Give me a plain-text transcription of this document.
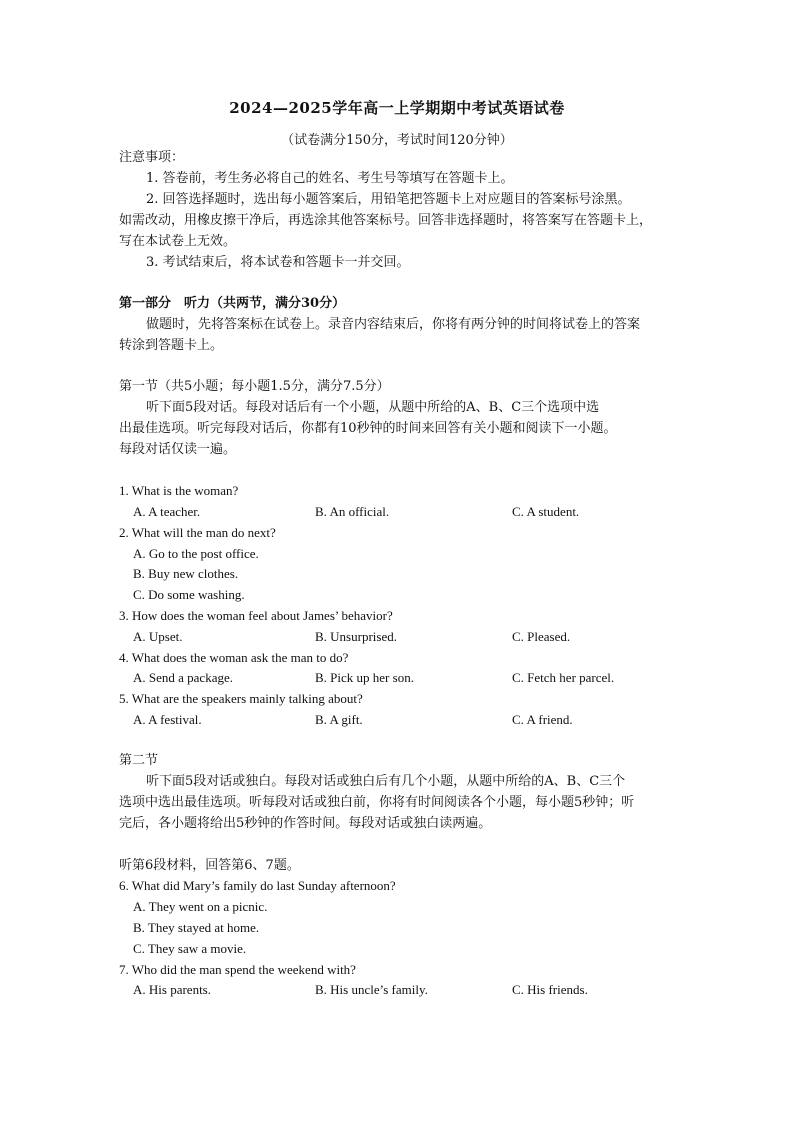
2024—2025学年高一上学期期中考试英语试卷
（试卷满分150分，考试时间120分钟）
注意事项：
1. 答卷前，考生务必将自己的姓名、考生号等填写在答题卡上。
2. 回答选择题时，选出每小题答案后，用铅笔把答题卡上对应题目的答案标号涂黑。
如需改动，用橡皮擦干净后，再选涂其他答案标号。回答非选择题时，将答案写在答题卡上，
写在本试卷上无效。
3. 考试结束后，将本试卷和答题卡一并交回。
第一部分　听力（共两节，满分30分）
做题时，先将答案标在试卷上。录音内容结束后，你将有两分钟的时间将试卷上的答案
转涂到答题卡上。
第一节（共5小题；每小题1.5分，满分7.5分）
听下面5段对话。每段对话后有一个小题，从题中所给的A、B、C三个选项中选
出最佳选项。听完每段对话后，你都有10秒钟的时间来回答有关小题和阅读下一小题。
每段对话仅读一遍。
1. What is the woman?
A. A teacher.	B. An official.	C. A student.
2. What will the man do next?
A. Go to the post office.
B. Buy new clothes.
C. Do some washing.
3. How does the woman feel about James’ behavior?
A. Upset.	B. Unsurprised.	C. Pleased.
4. What does the woman ask the man to do?
A. Send a package.	B. Pick up her son.	C. Fetch her parcel.
5. What are the speakers mainly talking about?
A. A festival.	B. A gift.	C. A friend.
第二节
听下面5段对话或独白。每段对话或独白后有几个小题，从题中所给的A、B、C三个
选项中选出最佳选项。听每段对话或独白前，你将有时间阅读各个小题，每小题5秒钟；听
完后，各小题将给出5秒钟的作答时间。每段对话或独白读两遍。
听第6段材料，回答第6、7题。
6. What did Mary’s family do last Sunday afternoon?
A. They went on a picnic.
B. They stayed at home.
C. They saw a movie.
7. Who did the man spend the weekend with?
A. His parents.	B. His uncle’s family.	C. His friends.
